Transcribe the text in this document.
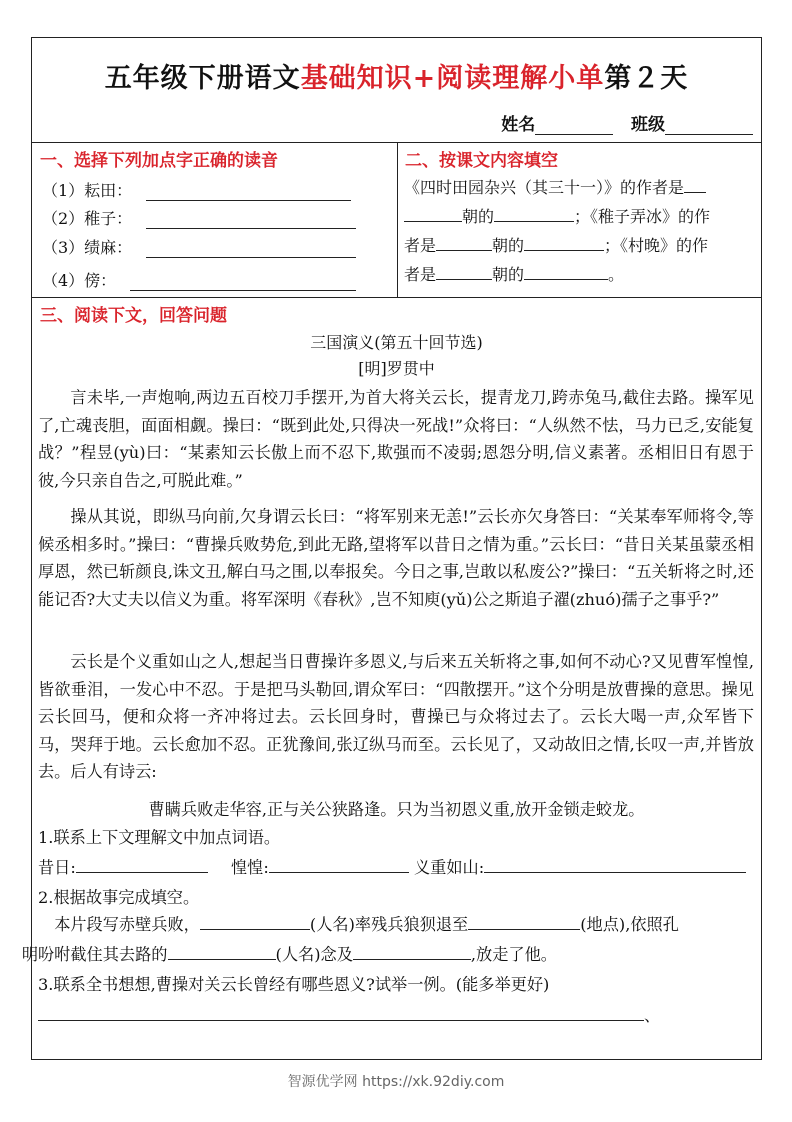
五年级下册语文基础知识+阅读理解小单第２天
姓名	班级
一、选择下列加点字正确的读音
（1）耘田：
（2）稚子：
（3）绩麻：
（4）傍：
二、按课文内容填空
《四时田园杂兴（其三十一）》的作者是
朝的	；《稚子弄冰》的作
者是	朝的	；《村晚》的作
者是	朝的	。
三、阅读下文，回答问题
三国演义(第五十回节选)
[明]罗贯中
言未毕,一声炮响,两边五百校刀手摆开,为首大将关云长，提青龙刀,跨赤兔马,截住去路。操军见了,亡魂丧胆，面面相觑。操曰：“既到此处,只得决一死战!”众将曰：“人纵然不怯，马力已乏,安能复战？”程昱(yù)曰：“某素知云长傲上而不忍下,欺强而不凌弱;恩怨分明,信义素著。丞相旧日有恩于彼,今只亲自告之,可脱此难。”
操从其说，即纵马向前,欠身谓云长曰：“将军别来无恙!”云长亦欠身答曰：“关某奉军师将令,等候丞相多时。”操曰：“曹操兵败势危,到此无路,望将军以昔日之情为重。”云长曰：“昔日关某虽蒙丞相厚恩，然已斩颜良,诛文丑,解白马之围,以奉报矣。今日之事,岂敢以私废公?”操曰：“五关斩将之时,还能记否?大丈夫以信义为重。将军深明《春秋》,岂不知庾(yǔ)公之斯追子濯(zhuó)孺子之事乎?”
云长是个义重如山之人,想起当日曹操许多恩义,与后来五关斩将之事,如何不动心?又见曹军惶惶,皆欲垂泪，一发心中不忍。于是把马头勒回,谓众军曰：“四散摆开。”这个分明是放曹操的意思。操见云长回马，便和众将一齐冲将过去。云长回身时，曹操已与众将过去了。云长大喝一声,众军皆下马，哭拜于地。云长愈加不忍。正犹豫间,张辽纵马而至。云长见了，又动故旧之情,长叹一声,并皆放去。后人有诗云:
曹瞒兵败走华容,正与关公狭路逢。只为当初恩义重,放开金锁走蛟龙。
1.联系上下文理解文中加点词语。
昔日:	惶惶:	义重如山:
2.根据故事完成填空。
本片段写赤壁兵败，	(人名)率残兵狼狈退至	(地点),依照孔
明吩咐截住其去路的	(人名)念及	,放走了他。
3.联系全书想想,曹操对关云长曾经有哪些恩义?试举一例。(能多举更好)
、
智源优学网 https://xk.92diy.com
